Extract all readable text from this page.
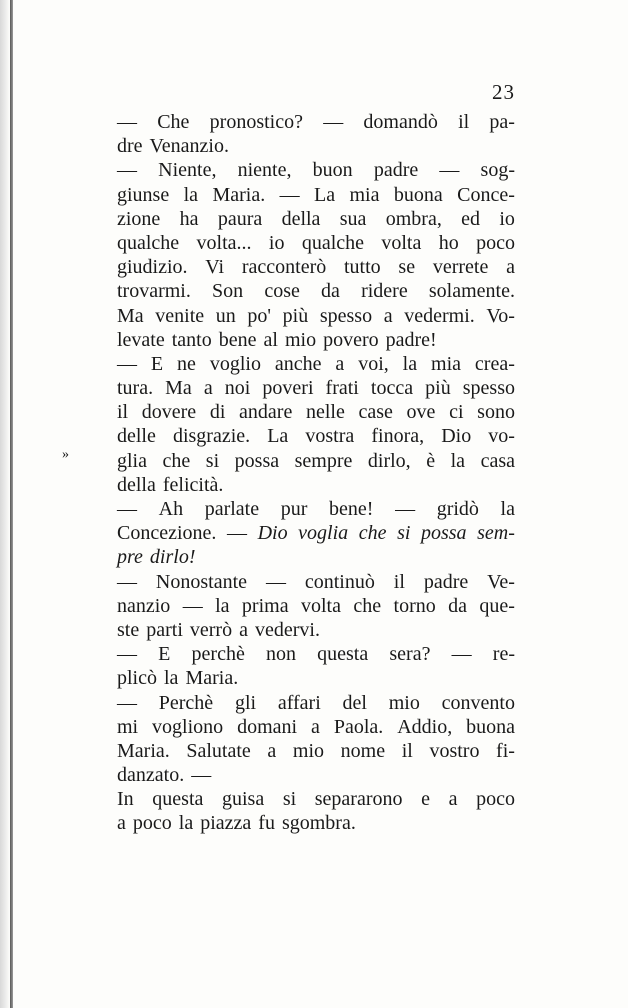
23
»
— Che pronostico? — domandò il pa-
dre Venanzio.
— Niente, niente, buon padre — sog-
giunse la Maria. — La mia buona Conce-
zione ha paura della sua ombra, ed io
qualche volta... io qualche volta ho poco
giudizio. Vi racconterò tutto se verrete a
trovarmi. Son cose da ridere solamente.
Ma venite un po' più spesso a vedermi. Vo-
levate tanto bene al mio povero padre!
— E ne voglio anche a voi, la mia crea-
tura. Ma a noi poveri frati tocca più spesso
il dovere di andare nelle case ove ci sono
delle disgrazie. La vostra finora, Dio vo-
glia che si possa sempre dirlo, è la casa
della felicità.
— Ah parlate pur bene! — gridò la
Concezione. — Dio voglia che si possa sem-
pre dirlo!
— Nonostante — continuò il padre Ve-
nanzio — la prima volta che torno da que-
ste parti verrò a vedervi.
— E perchè non questa sera? — re-
plicò la Maria.
— Perchè gli affari del mio convento
mi vogliono domani a Paola. Addio, buona
Maria. Salutate a mio nome il vostro fi-
danzato. —
In questa guisa si separarono e a poco
a poco la piazza fu sgombra.
